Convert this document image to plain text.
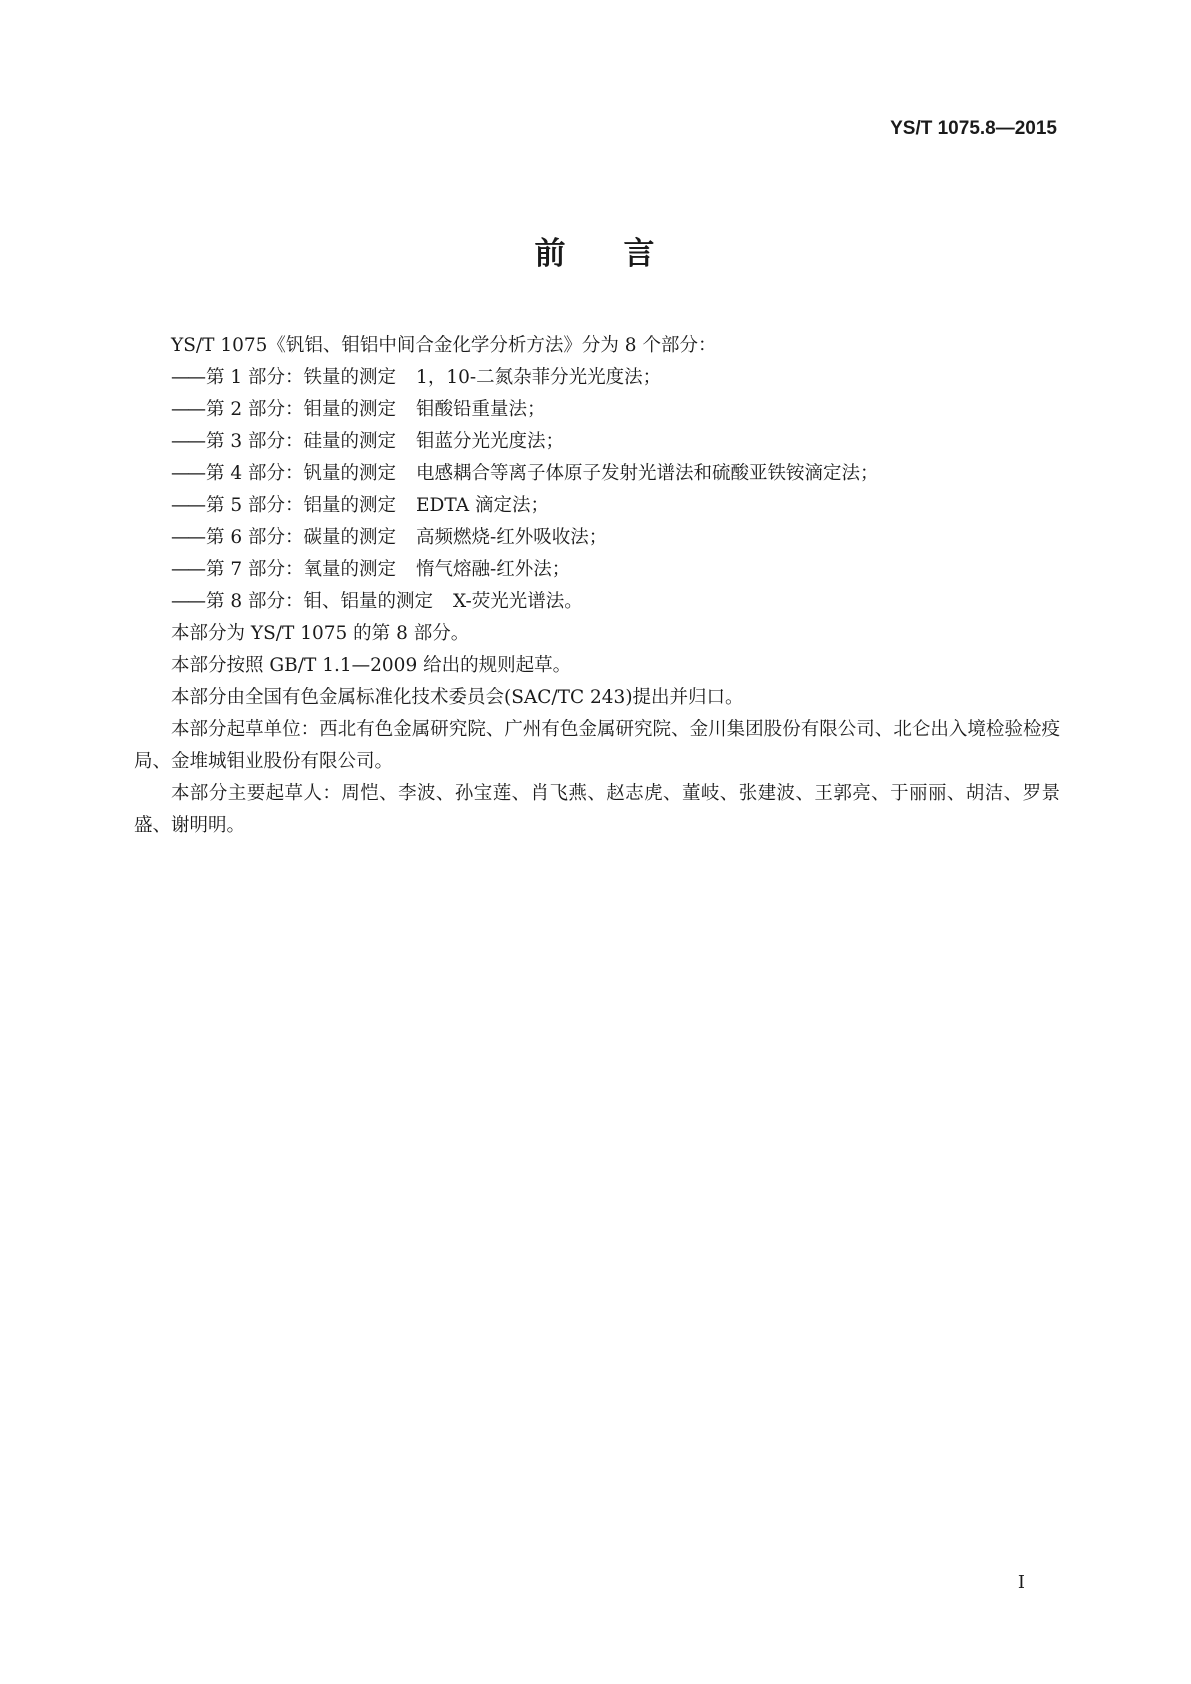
YS/T 1075.8—2015
前 言
YS/T 1075《钒铝、钼铝中间合金化学分析方法》分为 8 个部分：
—— 第 1 部分：铁量的测定 1，10-二氮杂菲分光光度法；
—— 第 2 部分：钼量的测定 钼酸铅重量法；
—— 第 3 部分：硅量的测定 钼蓝分光光度法；
—— 第 4 部分：钒量的测定 电感耦合等离子体原子发射光谱法和硫酸亚铁铵滴定法；
—— 第 5 部分：铝量的测定 EDTA 滴定法；
—— 第 6 部分：碳量的测定 高频燃烧-红外吸收法；
—— 第 7 部分：氧量的测定 惰气熔融-红外法；
—— 第 8 部分：钼、铝量的测定 X-荧光光谱法。
本部分为 YS/T 1075 的第 8 部分。
本部分按照 GB/T 1.1—2009 给出的规则起草。
本部分由全国有色金属标准化技术委员会(SAC/TC 243)提出并归口。
本部分起草单位：西北有色金属研究院、广州有色金属研究院、金川集团股份有限公司、北仑出入境检验检疫局、金堆城钼业股份有限公司。
本部分主要起草人：周恺、李波、孙宝莲、肖飞燕、赵志虎、董岐、张建波、王郭亮、于丽丽、胡洁、罗景盛、谢明明。
I
